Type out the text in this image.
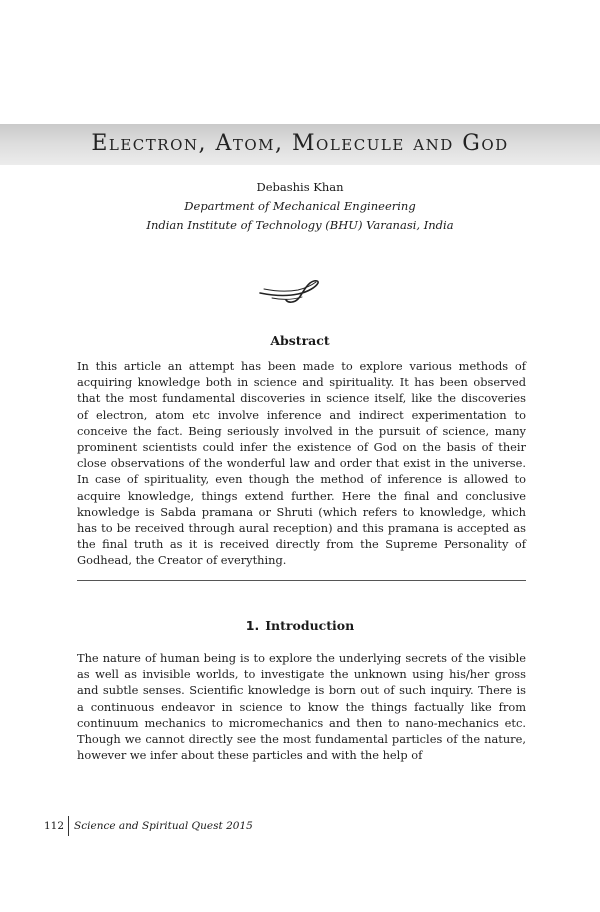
Electron, Atom, Molecule and God
Debashis Khan
Department of Mechanical Engineering
Indian Institute of Technology (BHU) Varanasi, India
Abstract

In this article an attempt has been made to explore various methods of acquiring knowledge both in science and spirituality. It has been observed that the most fundamental discoveries in science itself, like the discoveries of electron, atom etc involve inference and indirect experimentation to conceive the fact. Being seriously involved in the pursuit of science, many prominent scientists could infer the existence of God on the basis of their close observations of the wonderful law and order that exist in the universe. In case of spirituality, even though the method of inference is allowed to acquire knowledge, things extend further. Here the final and conclusive knowledge is Sabda pramana or Shruti (which refers to knowledge, which has to be received through aural reception) and this pramana is accepted as the final truth as it is received directly from the Supreme Personality of Godhead, the Creator of everything.

1. Introduction

The nature of human being is to explore the underlying secrets of the visible as well as invisible worlds, to investigate the unknown using his/her gross and subtle senses. Scientific knowledge is born out of such inquiry. There is a continuous endeavor in science to know the things factually like from continuum mechanics to micromechanics and then to nano-mechanics etc. Though we cannot directly see the most fundamental particles of the nature, however we infer about these particles and with the help of

112 Science and Spiritual Quest 2015
